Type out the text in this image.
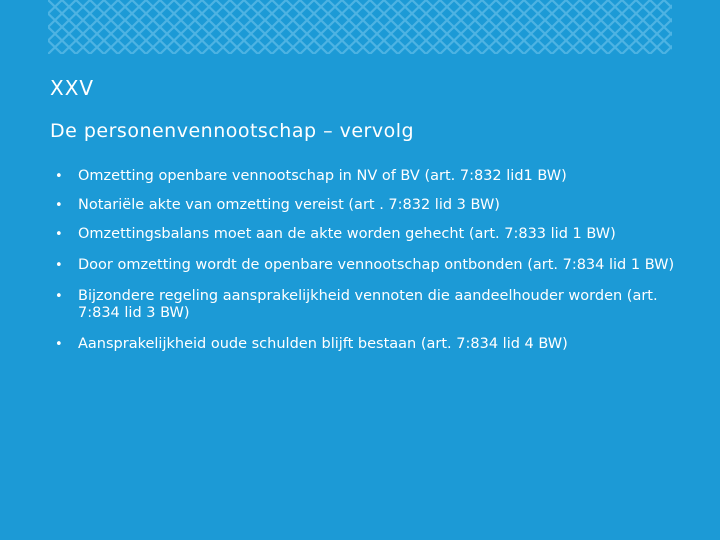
XXV
De personenvennootschap – vervolg
• Omzetting openbare vennootschap in NV of BV (art. 7:832 lid1 BW)
• Notariële akte van omzetting vereist (art . 7:832 lid 3 BW)
• Omzettingsbalans moet aan de akte worden gehecht (art. 7:833 lid 1 BW)
• Door omzetting wordt de openbare vennootschap ontbonden (art. 7:834 lid 1 BW)
• Bijzondere regeling aansprakelijkheid vennoten die aandeelhouder worden (art. 7:834 lid 3 BW)
• Aansprakelijkheid oude schulden blijft bestaan (art. 7:834 lid 4 BW)
